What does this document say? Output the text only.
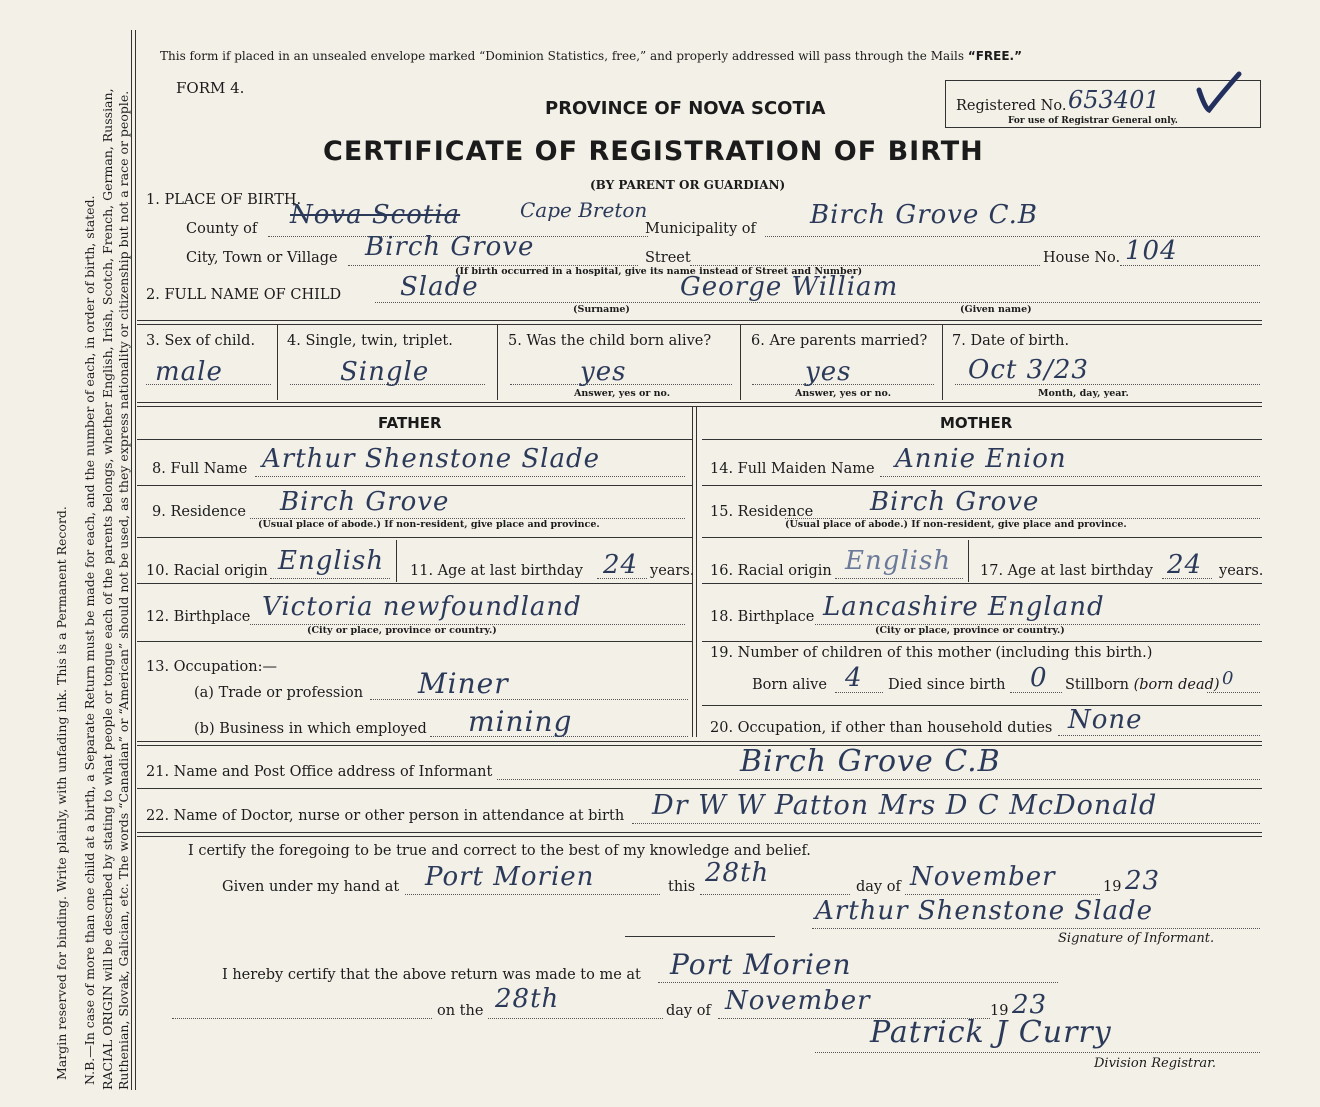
Margin reserved for binding. Write plainly, with unfading ink. This is a Permanent Record. N.B.—In case of more than one child at a birth, a Separate Return must be made for each, and the number of each, in order of birth, stated. RACIAL ORIGIN will be described by stating to what people or tongue each of the parents belongs, whether English, Irish, Scotch, French, German, Russian, Ruthenian, Slovak, Galician, etc. The words “Canadian” or “American” should not be used, as they express nationality or citizenship but not a race or people.
This form if placed in an unsealed envelope marked “Dominion Statistics, free,” and properly addressed will pass through the Mails “FREE.”
FORM 4.
PROVINCE OF NOVA SCOTIA
CERTIFICATE OF REGISTRATION OF BIRTH
(BY PARENT OR GUARDIAN)
Registered No. 653401
For use of Registrar General only.
1. PLACE OF BIRTH.
County of Nova Scotia	Cape Breton
Municipality of Birch Grove C.B
City, Town or Village Birch Grove	Street
(If birth occurred in a hospital, give its name instead of Street and Number)
House No. 104
2. FULL NAME OF CHILD Slade	George William
(Surname)	(Given name)
3. Sex of child.
male
4. Single, twin, triplet.
Single
5. Was the child born alive?
yes
Answer, yes or no.
6. Are parents married?
yes
Answer, yes or no.
7. Date of birth.
Oct 3/23
Month, day, year.
FATHER
8. Full Name Arthur Shenstone Slade
9. Residence Birch Grove
(Usual place of abode.) If non-resident, give place and province.
10. Racial origin English 11. Age at last birthday 24 years.
12. Birthplace Victoria newfoundland
(City or place, province or country.)
13. Occupation:—
(a) Trade or profession Miner
(b) Business in which employed mining
MOTHER
14. Full Maiden Name Annie Enion
15. Residence Birch Grove
(Usual place of abode.) If non-resident, give place and province.
16. Racial origin English 17. Age at last birthday 24 years.
18. Birthplace Lancashire England
(City or place, province or country.)
19. Number of children of this mother (including this birth.)
Born alive 4 Died since birth 0 Stillborn (born dead) 0
20. Occupation, if other than household duties None
21. Name and Post Office address of Informant	Birch Grove C.B
22. Name of Doctor, nurse or other person in attendance at birth Dr W W Patton Mrs D C McDonald
I certify the foregoing to be true and correct to the best of my knowledge and belief.
Given under my hand at Port Morien	this 28th	day of November	19 23
Arthur Shenstone Slade
Signature of Informant.
I hereby certify that the above return was made to me at Port Morien
on the 28th	day of November	19 23
Patrick J Curry
Division Registrar.
